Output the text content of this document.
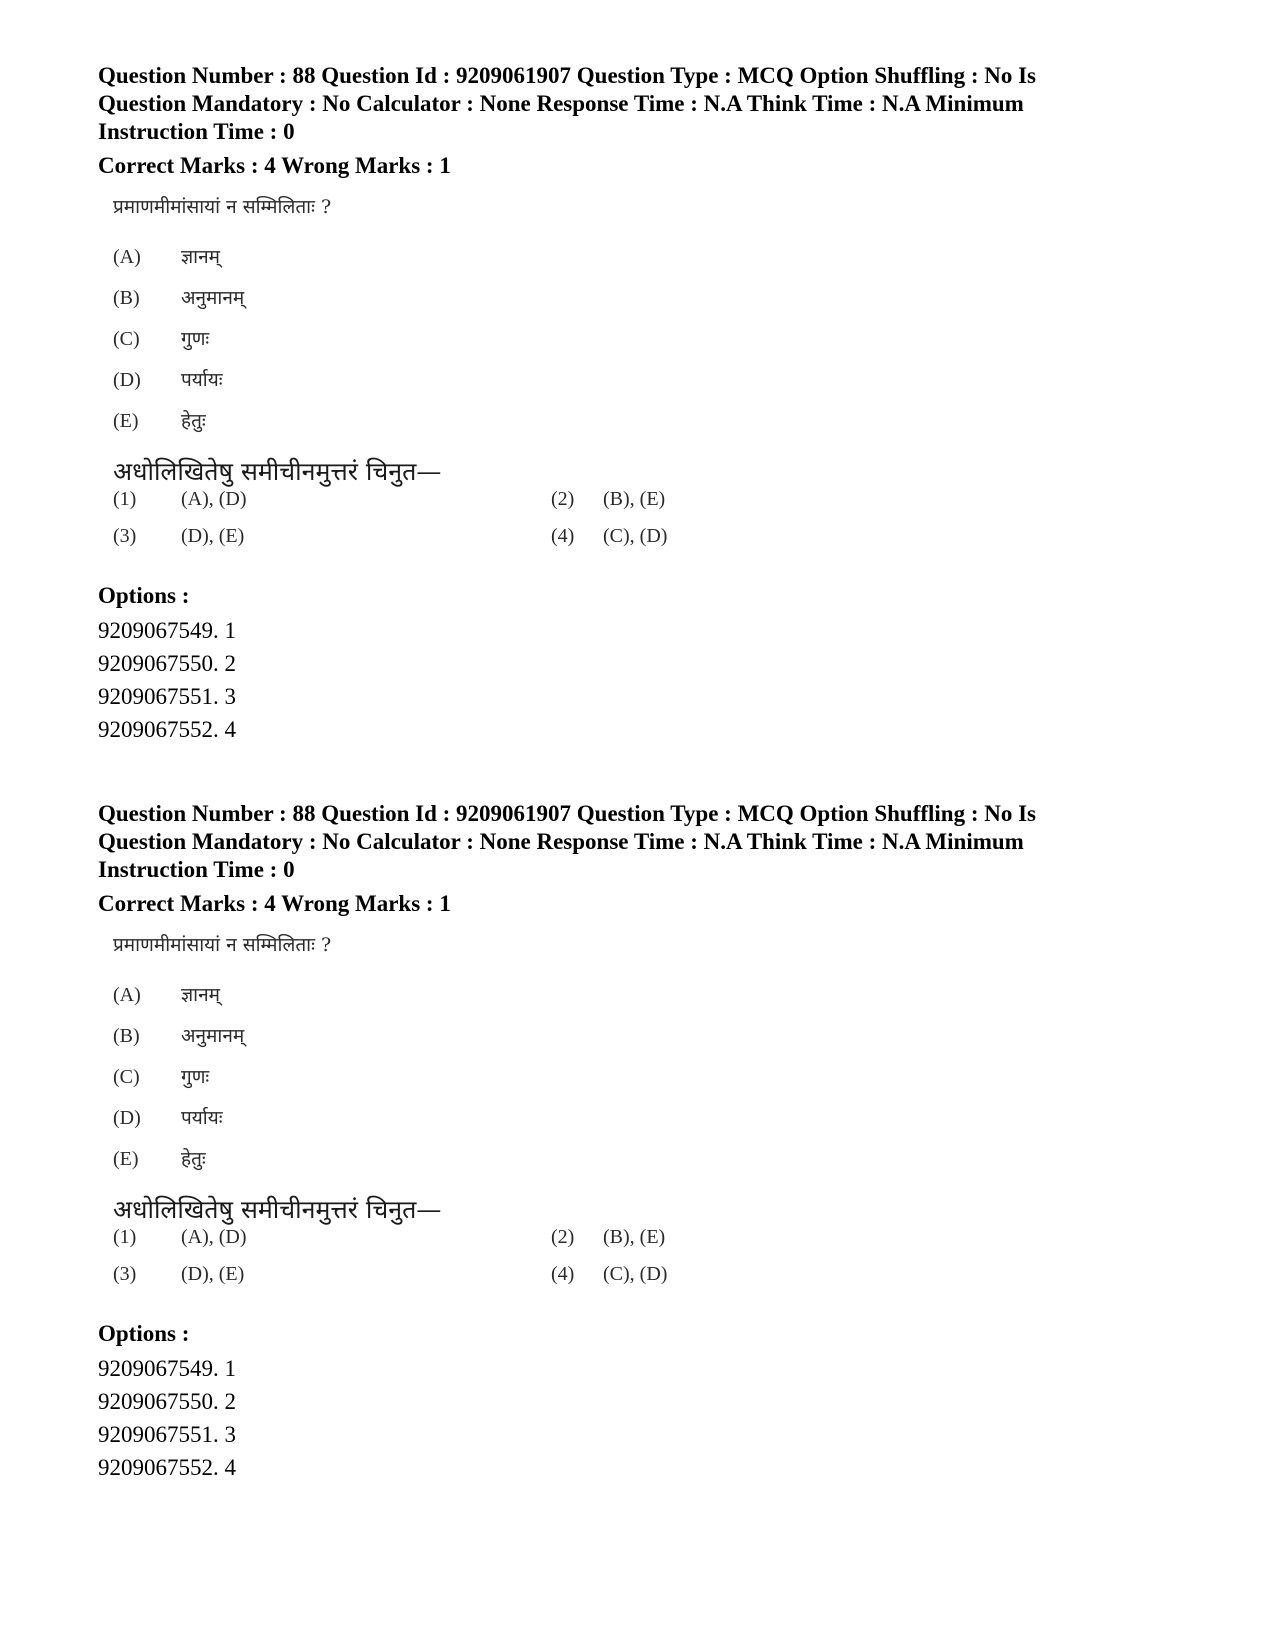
Question Number : 88 Question Id : 9209061907 Question Type : MCQ Option Shuffling : No Is
Question Mandatory : No Calculator : None Response Time : N.A Think Time : N.A Minimum
Instruction Time : 0

Correct Marks : 4 Wrong Marks : 1

प्रमाणमीमांसायां न सम्मिलिताः ?
(A) ज्ञानम्
(B) अनुमानम्
(C) गुणः
(D) पर्यायः
(E) हेतुः
अधोलिखितेषु समीचीनमुत्तरं चिनुत—
(1) (A), (D)	(2) (B), (E)
(3) (D), (E)	(4) (C), (D)

Options :

9209067549. 1

9209067550. 2

9209067551. 3

9209067552. 4

Question Number : 88 Question Id : 9209061907 Question Type : MCQ Option Shuffling : No Is
Question Mandatory : No Calculator : None Response Time : N.A Think Time : N.A Minimum
Instruction Time : 0

Correct Marks : 4 Wrong Marks : 1

प्रमाणमीमांसायां न सम्मिलिताः ?
(A) ज्ञानम्
(B) अनुमानम्
(C) गुणः
(D) पर्यायः
(E) हेतुः
अधोलिखितेषु समीचीनमुत्तरं चिनुत—
(1) (A), (D)	(2) (B), (E)
(3) (D), (E)	(4) (C), (D)

Options :

9209067549. 1

9209067550. 2

9209067551. 3

9209067552. 4
